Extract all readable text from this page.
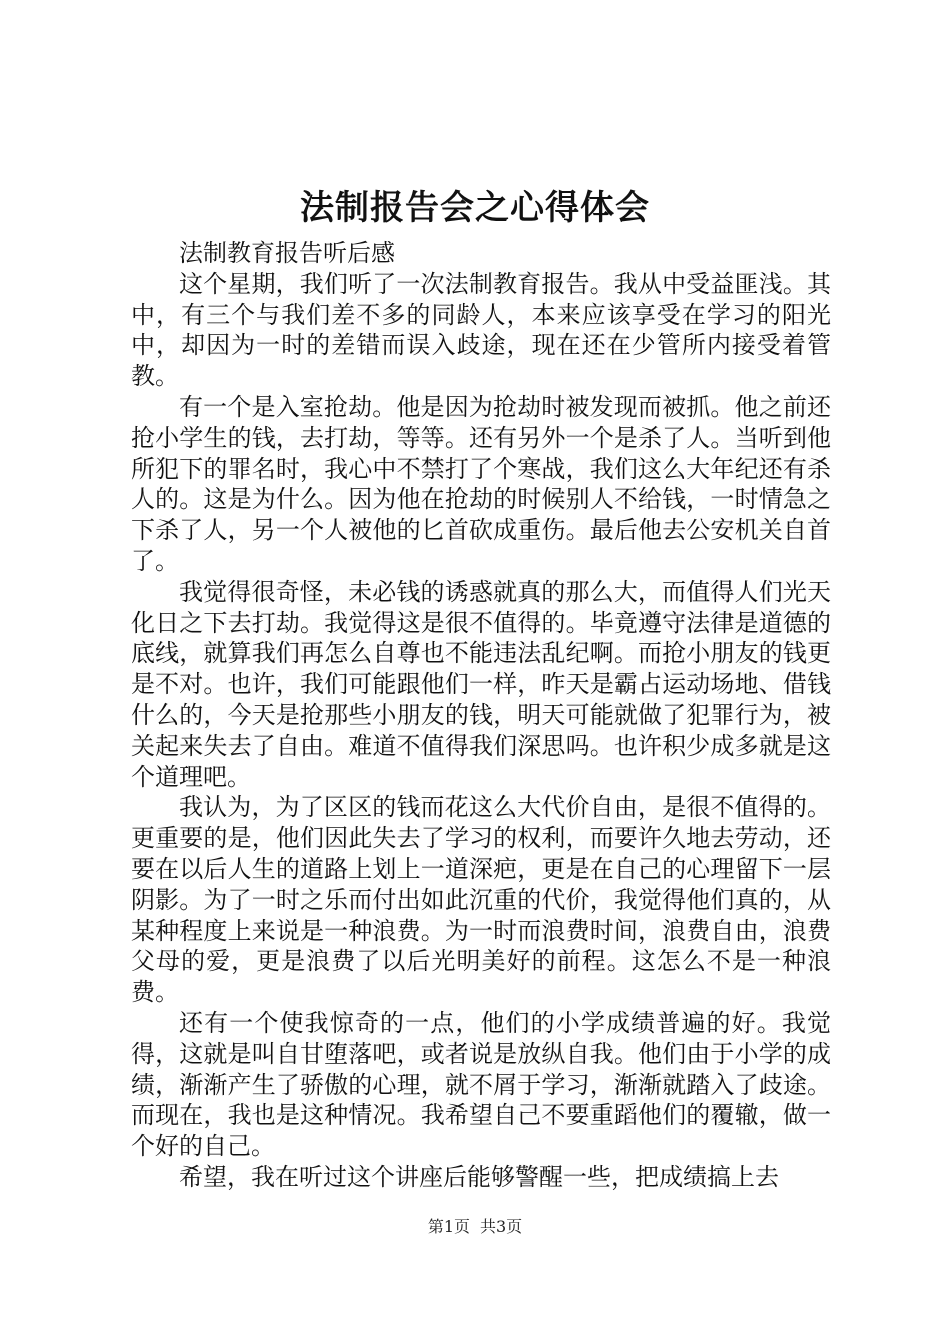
法制报告会之心得体会

法制教育报告听后感

这个星期，我们听了一次法制教育报告。我从中受益匪浅。其中，有三个与我们差不多的同龄人，本来应该享受在学习的阳光中，却因为一时的差错而误入歧途，现在还在少管所内接受着管教。

有一个是入室抢劫。他是因为抢劫时被发现而被抓。他之前还抢小学生的钱，去打劫，等等。还有另外一个是杀了人。当听到他所犯下的罪名时，我心中不禁打了个寒战，我们这么大年纪还有杀人的。这是为什么。因为他在抢劫的时候别人不给钱，一时情急之下杀了人，另一个人被他的匕首砍成重伤。最后他去公安机关自首了。

我觉得很奇怪，未必钱的诱惑就真的那么大，而值得人们光天化日之下去打劫。我觉得这是很不值得的。毕竟遵守法律是道德的底线，就算我们再怎么自尊也不能违法乱纪啊。而抢小朋友的钱更是不对。也许，我们可能跟他们一样，昨天是霸占运动场地、借钱什么的，今天是抢那些小朋友的钱，明天可能就做了犯罪行为，被关起来失去了自由。难道不值得我们深思吗。也许积少成多就是这个道理吧。

我认为，为了区区的钱而花这么大代价自由，是很不值得的。更重要的是，他们因此失去了学习的权利，而要许久地去劳动，还要在以后人生的道路上划上一道深疤，更是在自己的心理留下一层阴影。为了一时之乐而付出如此沉重的代价，我觉得他们真的，从某种程度上来说是一种浪费。为一时而浪费时间，浪费自由，浪费父母的爱，更是浪费了以后光明美好的前程。这怎么不是一种浪费。

还有一个使我惊奇的一点，他们的小学成绩普遍的好。我觉得，这就是叫自甘堕落吧，或者说是放纵自我。他们由于小学的成绩，渐渐产生了骄傲的心理，就不屑于学习，渐渐就踏入了歧途。而现在，我也是这种情况。我希望自己不要重蹈他们的覆辙，做一个好的自己。

希望，我在听过这个讲座后能够警醒一些，把成绩搞上去

第1页 共3页
